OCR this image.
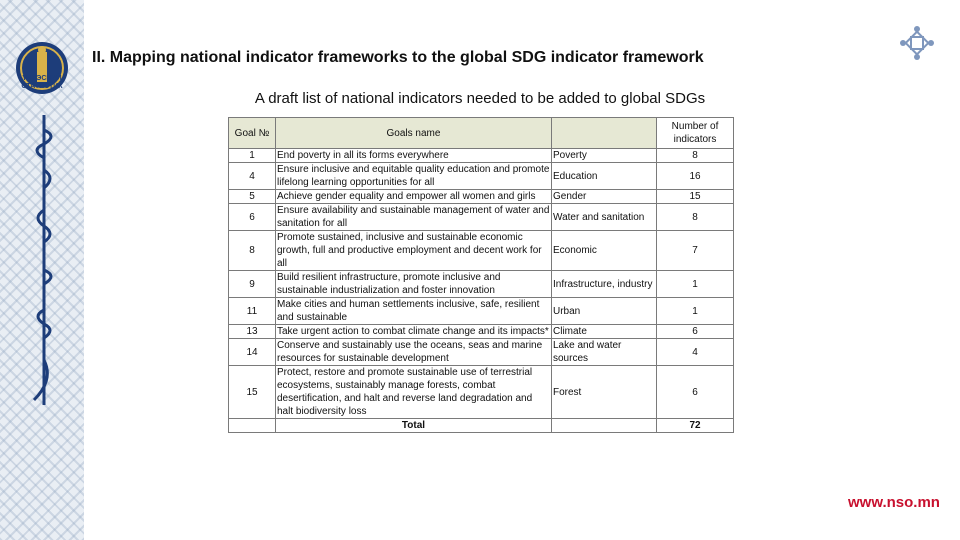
ҮНДЭСНИЙ
СТАТИСТИК
II. Mapping national indicator frameworks to the global SDG indicator framework
A draft list of national indicators needed to be added to global SDGs
Goal №	Goals name		Number of indicators
1	End poverty in all its forms everywhere	Poverty	8
4	Ensure inclusive and equitable quality education and promote lifelong learning opportunities for all	Education	16
5	Achieve gender equality and empower all women and girls	Gender	15
6	Ensure availability and sustainable management of water and sanitation for all	Water and sanitation	8
8	Promote sustained, inclusive and sustainable economic growth, full and productive employment and decent work for all	Economic	7
9	Build resilient infrastructure, promote inclusive and sustainable industrialization and foster innovation	Infrastructure, industry	1
11	Make cities and human settlements inclusive, safe, resilient and sustainable	Urban	1
13	Take urgent action to combat climate change and its impacts*	Climate	6
14	Conserve and sustainably use the oceans, seas and marine resources for sustainable development	Lake and water sources	4
15	Protect, restore and promote sustainable use of terrestrial ecosystems, sustainably manage forests, combat desertification, and halt and reverse land degradation and halt biodiversity loss	Forest	6
	Total		72
www.nso.mn
